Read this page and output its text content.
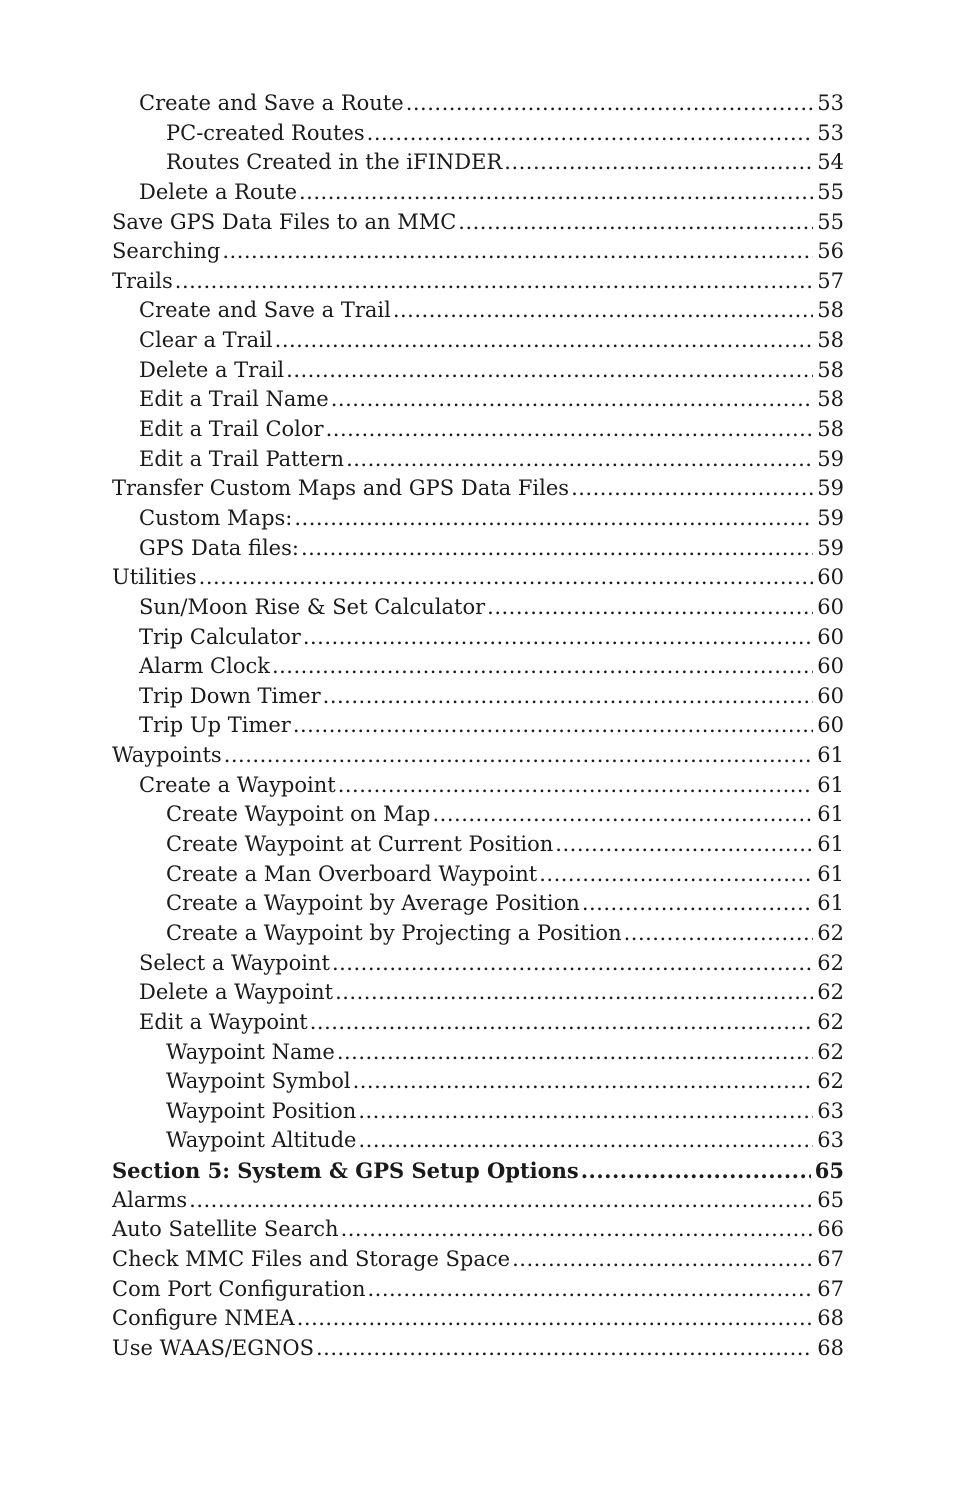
Create and Save a Route .....	53
PC-created Routes .....	53
Routes Created in the iFINDER .....	54
Delete a Route .....	55
Save GPS Data Files to an MMC .....	55
Searching .....	56
Trails .....	57
Create and Save a Trail .....	58
Clear a Trail .....	58
Delete a Trail .....	58
Edit a Trail Name .....	58
Edit a Trail Color .....	58
Edit a Trail Pattern .....	59
Transfer Custom Maps and GPS Data Files .....	59
Custom Maps: .....	59
GPS Data files: .....	59
Utilities .....	60
Sun/Moon Rise & Set Calculator .....	60
Trip Calculator .....	60
Alarm Clock .....	60
Trip Down Timer .....	60
Trip Up Timer .....	60
Waypoints .....	61
Create a Waypoint .....	61
Create Waypoint on Map .....	61
Create Waypoint at Current Position .....	61
Create a Man Overboard Waypoint .....	61
Create a Waypoint by Average Position .....	61
Create a Waypoint by Projecting a Position .....	62
Select a Waypoint .....	62
Delete a Waypoint .....	62
Edit a Waypoint .....	62
Waypoint Name .....	62
Waypoint Symbol .....	62
Waypoint Position .....	63
Waypoint Altitude .....	63
Section 5: System & GPS Setup Options .....	65
Alarms .....	65
Auto Satellite Search .....	66
Check MMC Files and Storage Space .....	67
Com Port Configuration .....	67
Configure NMEA .....	68
Use WAAS/EGNOS .....	68
